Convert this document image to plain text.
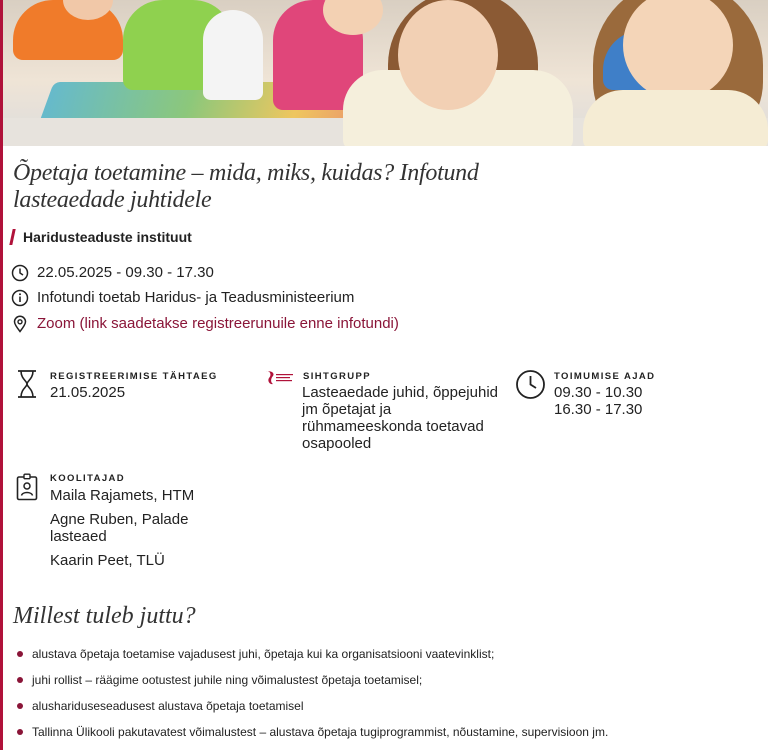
Õpetaja toetamine – mida, miks, kuidas? Infotund lasteaedade juhtidele
Haridusteaduste instituut
22.05.2025 - 09.30 - 17.30
Infotundi toetab Haridus- ja Teadusministeerium
Zoom (link saadetakse registreerunuile enne infotundi)
REGISTREERIMISE TÄHTAEG
21.05.2025
SIHTGRUPP
Lasteaedade juhid, õppejuhid jm õpetajat ja rühmameeskonda toetavad osapooled
TOIMUMISE AJAD
09.30 - 10.30
16.30 - 17.30
KOOLITAJAD
Maila Rajamets, HTM
Agne Ruben, Palade lasteaed
Kaarin Peet, TLÜ
Millest tuleb juttu?
alustava õpetaja toetamise vajadusest juhi, õpetaja kui ka organisatsiooni vaatevinklist;
juhi rollist – räägime ootustest juhile ning võimalustest õpetaja toetamisel;
alushariduseseadusest alustava õpetaja toetamisel
Tallinna Ülikooli pakutavatest võimalustest – alustava õpetaja tugiprogrammist, nõustamine, supervisioon jm.
